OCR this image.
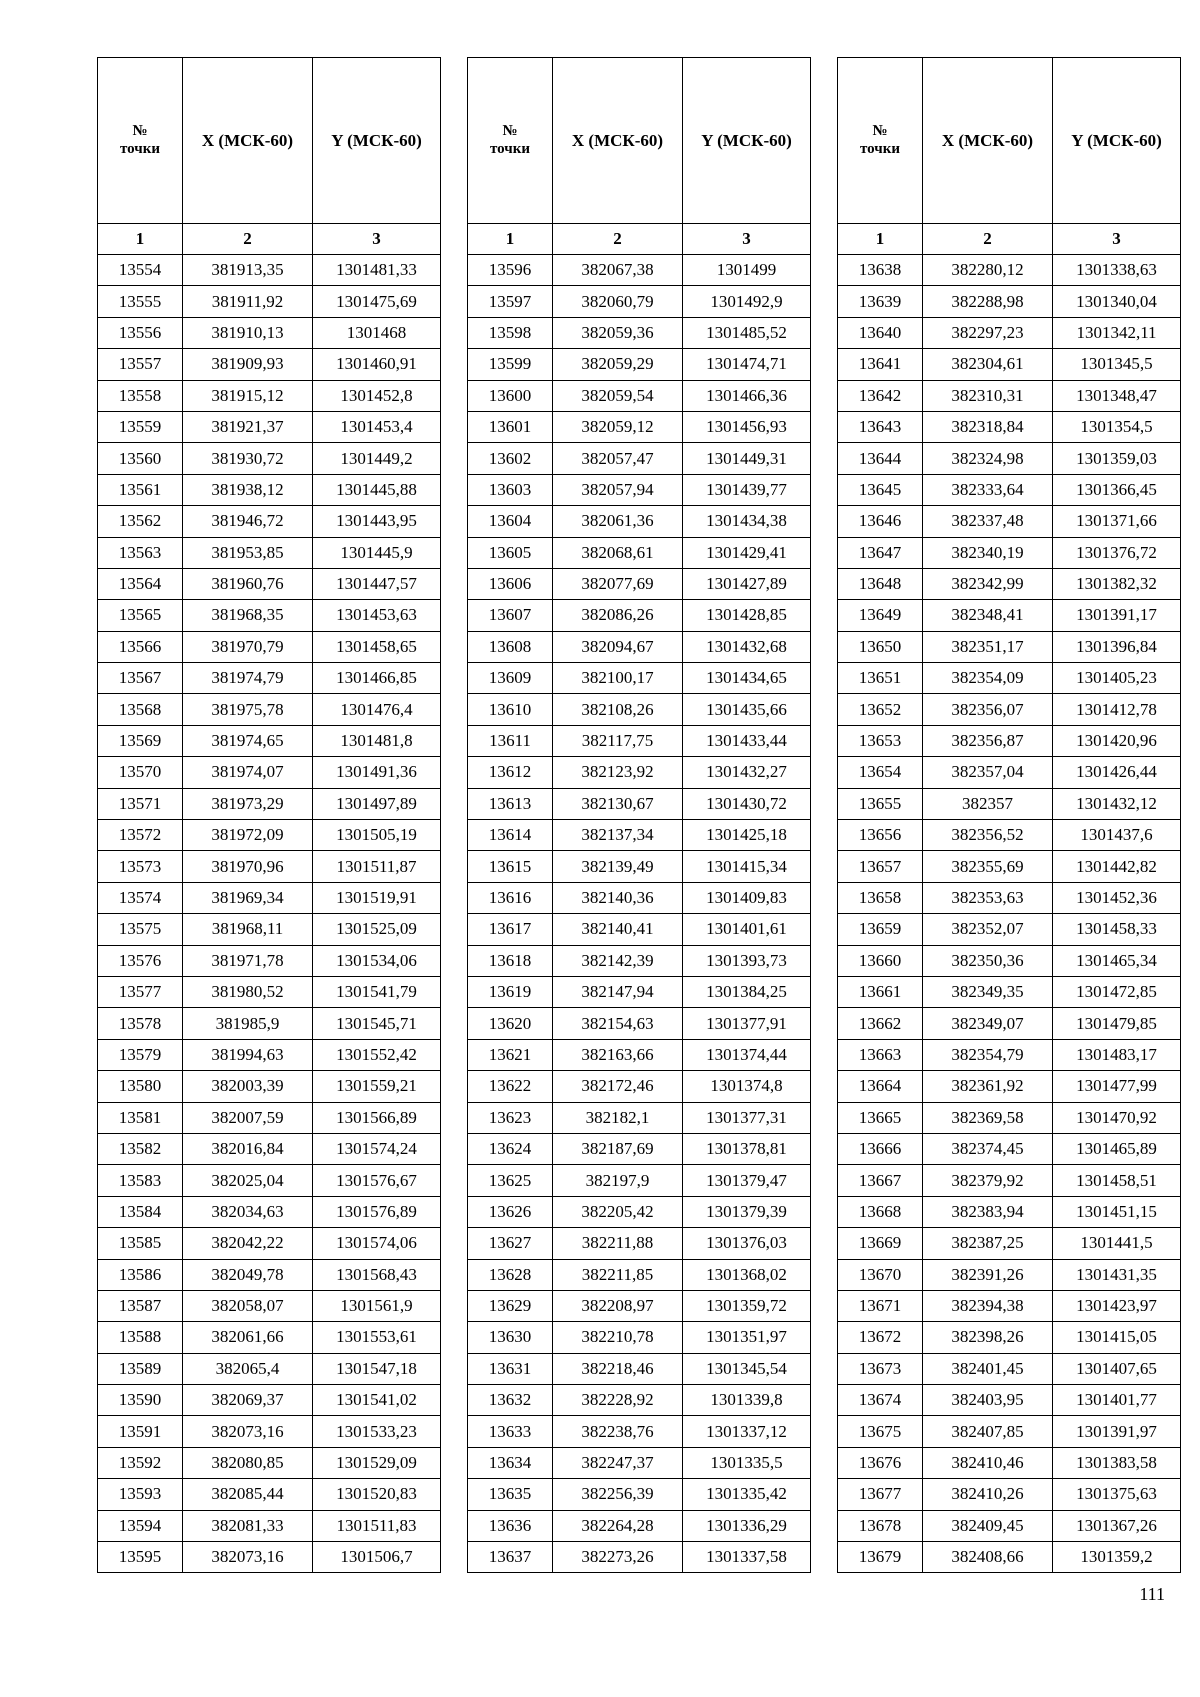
№
точки	X (МСК-60)	Y (МСК-60)
1	2	3
13554	381913,35	1301481,33
13555	381911,92	1301475,69
13556	381910,13	1301468
13557	381909,93	1301460,91
13558	381915,12	1301452,8
13559	381921,37	1301453,4
13560	381930,72	1301449,2
13561	381938,12	1301445,88
13562	381946,72	1301443,95
13563	381953,85	1301445,9
13564	381960,76	1301447,57
13565	381968,35	1301453,63
13566	381970,79	1301458,65
13567	381974,79	1301466,85
13568	381975,78	1301476,4
13569	381974,65	1301481,8
13570	381974,07	1301491,36
13571	381973,29	1301497,89
13572	381972,09	1301505,19
13573	381970,96	1301511,87
13574	381969,34	1301519,91
13575	381968,11	1301525,09
13576	381971,78	1301534,06
13577	381980,52	1301541,79
13578	381985,9	1301545,71
13579	381994,63	1301552,42
13580	382003,39	1301559,21
13581	382007,59	1301566,89
13582	382016,84	1301574,24
13583	382025,04	1301576,67
13584	382034,63	1301576,89
13585	382042,22	1301574,06
13586	382049,78	1301568,43
13587	382058,07	1301561,9
13588	382061,66	1301553,61
13589	382065,4	1301547,18
13590	382069,37	1301541,02
13591	382073,16	1301533,23
13592	382080,85	1301529,09
13593	382085,44	1301520,83
13594	382081,33	1301511,83
13595	382073,16	1301506,7
№
точки	X (МСК-60)	Y (МСК-60)
1	2	3
13596	382067,38	1301499
13597	382060,79	1301492,9
13598	382059,36	1301485,52
13599	382059,29	1301474,71
13600	382059,54	1301466,36
13601	382059,12	1301456,93
13602	382057,47	1301449,31
13603	382057,94	1301439,77
13604	382061,36	1301434,38
13605	382068,61	1301429,41
13606	382077,69	1301427,89
13607	382086,26	1301428,85
13608	382094,67	1301432,68
13609	382100,17	1301434,65
13610	382108,26	1301435,66
13611	382117,75	1301433,44
13612	382123,92	1301432,27
13613	382130,67	1301430,72
13614	382137,34	1301425,18
13615	382139,49	1301415,34
13616	382140,36	1301409,83
13617	382140,41	1301401,61
13618	382142,39	1301393,73
13619	382147,94	1301384,25
13620	382154,63	1301377,91
13621	382163,66	1301374,44
13622	382172,46	1301374,8
13623	382182,1	1301377,31
13624	382187,69	1301378,81
13625	382197,9	1301379,47
13626	382205,42	1301379,39
13627	382211,88	1301376,03
13628	382211,85	1301368,02
13629	382208,97	1301359,72
13630	382210,78	1301351,97
13631	382218,46	1301345,54
13632	382228,92	1301339,8
13633	382238,76	1301337,12
13634	382247,37	1301335,5
13635	382256,39	1301335,42
13636	382264,28	1301336,29
13637	382273,26	1301337,58
№
точки	X (МСК-60)	Y (МСК-60)
1	2	3
13638	382280,12	1301338,63
13639	382288,98	1301340,04
13640	382297,23	1301342,11
13641	382304,61	1301345,5
13642	382310,31	1301348,47
13643	382318,84	1301354,5
13644	382324,98	1301359,03
13645	382333,64	1301366,45
13646	382337,48	1301371,66
13647	382340,19	1301376,72
13648	382342,99	1301382,32
13649	382348,41	1301391,17
13650	382351,17	1301396,84
13651	382354,09	1301405,23
13652	382356,07	1301412,78
13653	382356,87	1301420,96
13654	382357,04	1301426,44
13655	382357	1301432,12
13656	382356,52	1301437,6
13657	382355,69	1301442,82
13658	382353,63	1301452,36
13659	382352,07	1301458,33
13660	382350,36	1301465,34
13661	382349,35	1301472,85
13662	382349,07	1301479,85
13663	382354,79	1301483,17
13664	382361,92	1301477,99
13665	382369,58	1301470,92
13666	382374,45	1301465,89
13667	382379,92	1301458,51
13668	382383,94	1301451,15
13669	382387,25	1301441,5
13670	382391,26	1301431,35
13671	382394,38	1301423,97
13672	382398,26	1301415,05
13673	382401,45	1301407,65
13674	382403,95	1301401,77
13675	382407,85	1301391,97
13676	382410,46	1301383,58
13677	382410,26	1301375,63
13678	382409,45	1301367,26
13679	382408,66	1301359,2
111
